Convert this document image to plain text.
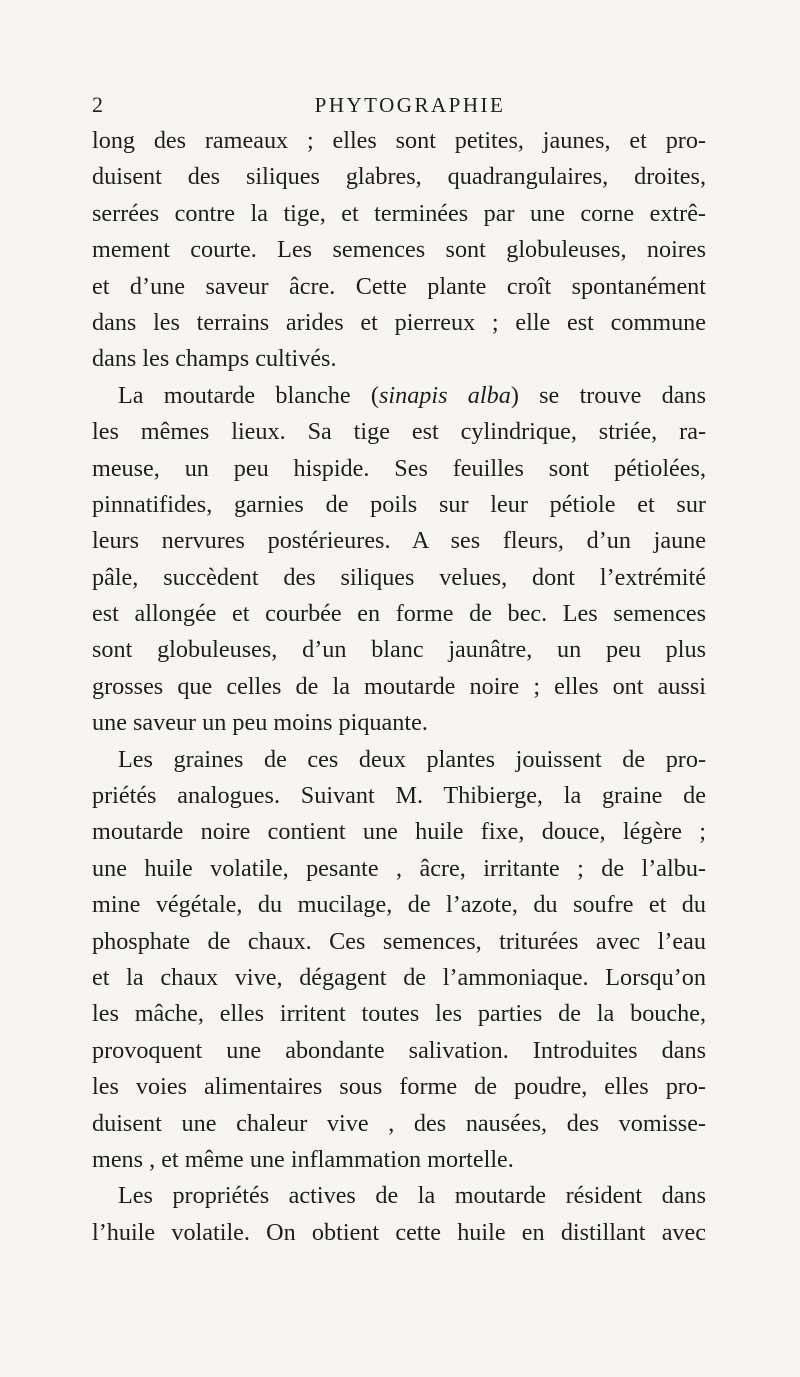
2	PHYTOGRAPHIE
long des rameaux ; elles sont petites, jaunes, et pro-
duisent des siliques glabres, quadrangulaires, droites,
serrées contre la tige, et terminées par une corne extrê-
mement courte. Les semences sont globuleuses, noires
et d’une saveur âcre. Cette plante croît spontanément
dans les terrains arides et pierreux ; elle est commune
dans les champs cultivés.
La moutarde blanche (sinapis alba) se trouve dans
les mêmes lieux. Sa tige est cylindrique, striée, ra-
meuse, un peu hispide. Ses feuilles sont pétiolées,
pinnatifides, garnies de poils sur leur pétiole et sur
leurs nervures postérieures. A ses fleurs, d’un jaune
pâle, succèdent des siliques velues, dont l’extrémité
est allongée et courbée en forme de bec. Les semences
sont globuleuses, d’un blanc jaunâtre, un peu plus
grosses que celles de la moutarde noire ; elles ont aussi
une saveur un peu moins piquante.
Les graines de ces deux plantes jouissent de pro-
priétés analogues. Suivant M. Thibierge, la graine de
moutarde noire contient une huile fixe, douce, légère ;
une huile volatile, pesante , âcre, irritante ; de l’albu-
mine végétale, du mucilage, de l’azote, du soufre et du
phosphate de chaux. Ces semences, triturées avec l’eau
et la chaux vive, dégagent de l’ammoniaque. Lorsqu’on
les mâche, elles irritent toutes les parties de la bouche,
provoquent une abondante salivation. Introduites dans
les voies alimentaires sous forme de poudre, elles pro-
duisent une chaleur vive , des nausées, des vomisse-
mens , et même une inflammation mortelle.
Les propriétés actives de la moutarde résident dans
l’huile volatile. On obtient cette huile en distillant avec
